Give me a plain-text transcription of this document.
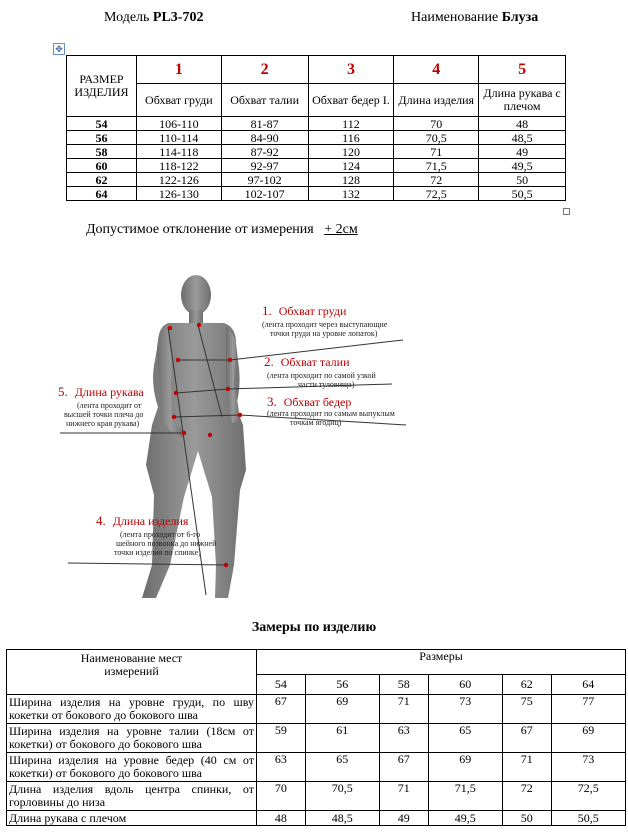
Модель PL3-702	Наименование Блуза
✥
РАЗМЕР ИЗДЕЛИЯ	1	2	3	4	5
	Обхват груди	Обхват талии	Обхват бедер I.	Длина изделия	Длина рукава с плечом
54	106-110	81-87	112	70	48
56	110-114	84-90	116	70,5	48,5
58	114-118	87-92	120	71	49
60	118-122	92-97	124	71,5	49,5
62	122-126	97-102	128	72	50
64	126-130	102-107	132	72,5	50,5
Допустимое отклонение от измерения + 2см
1. Обхват груди
(лента проходит через выступающие
точки груди на уровне лопаток)
2. Обхват талии
(лента проходит по самой узкой
части туловища)
3. Обхват бедер
(лента проходит по самым выпуклым
точкам ягодиц)
5. Длина рукава
(лента проходит от
высшей точки плеча до
нижнего края рукава)
4. Длина изделия
(лента проходит от 6-го
шейного позвонка до нижней
точки изделия по спинке)
Замеры по изделию
Наименование мест измерений	Размеры					
	54	56	58	60	62	64
Ширина изделия на уровне груди, по шву кокетки от бокового до бокового шва	67	69	71	73	75	77
Ширина изделия на уровне талии (18см от кокетки) от бокового до бокового шва	59	61	63	65	67	69
Ширина изделия на уровне бедер (40 см от кокетки) от бокового до бокового шва	63	65	67	69	71	73
Длина изделия вдоль центра спинки, от горловины до низа	70	70,5	71	71,5	72	72,5
Длина рукава с плечом	48	48,5	49	49,5	50	50,5
